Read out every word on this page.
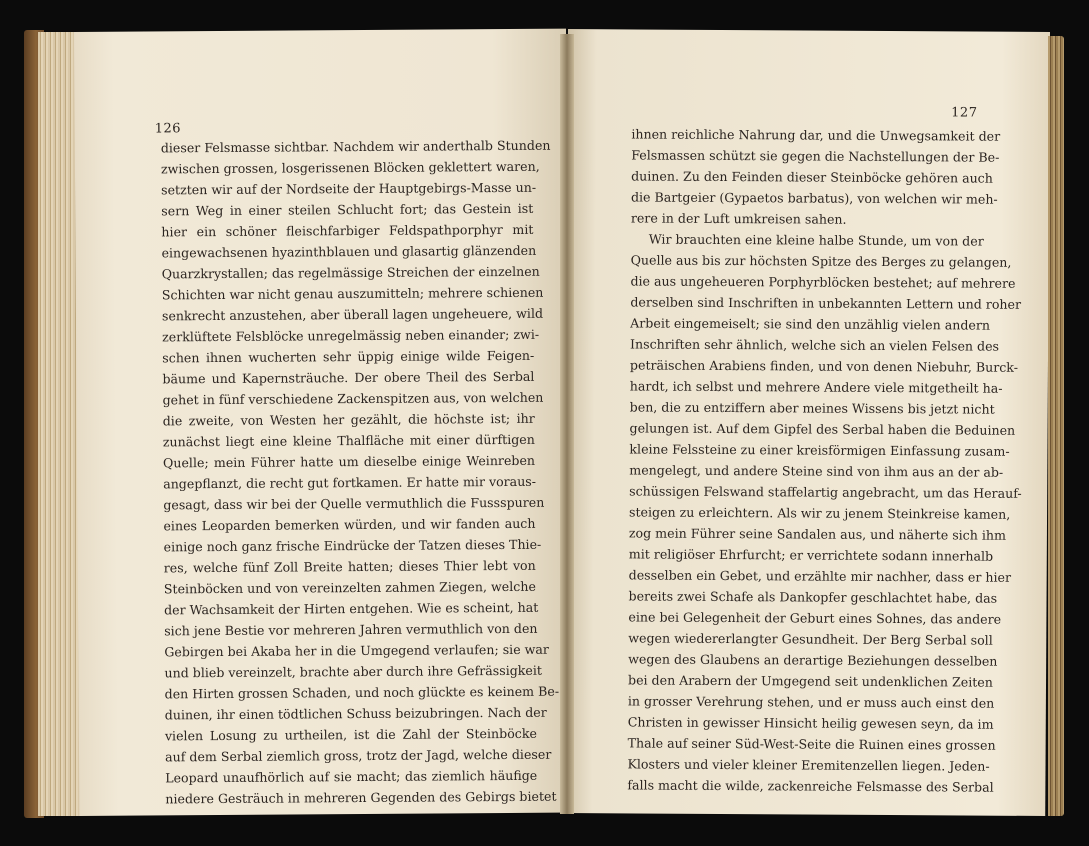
126
dieser Felsmasse sichtbar. Nachdem wir anderthalb Stunden
zwischen grossen, losgerissenen Blöcken geklettert waren,
setzten wir auf der Nordseite der Hauptgebirgs-Masse un-
sern Weg in einer steilen Schlucht fort; das Gestein ist
hier ein schöner fleischfarbiger Feldspathporphyr mit
eingewachsenen hyazinthblauen und glasartig glänzenden
Quarzkrystallen; das regelmässige Streichen der einzelnen
Schichten war nicht genau auszumitteln; mehrere schienen
senkrecht anzustehen, aber überall lagen ungeheuere, wild
zerklüftete Felsblöcke unregelmässig neben einander; zwi-
schen ihnen wucherten sehr üppig einige wilde Feigen-
bäume und Kapernsträuche. Der obere Theil des Serbal
gehet in fünf verschiedene Zackenspitzen aus, von welchen
die zweite, von Westen her gezählt, die höchste ist; ihr
zunächst liegt eine kleine Thalfläche mit einer dürftigen
Quelle; mein Führer hatte um dieselbe einige Weinreben
angepflanzt, die recht gut fortkamen. Er hatte mir voraus-
gesagt, dass wir bei der Quelle vermuthlich die Fussspuren
eines Leoparden bemerken würden, und wir fanden auch
einige noch ganz frische Eindrücke der Tatzen dieses Thie-
res, welche fünf Zoll Breite hatten; dieses Thier lebt von
Steinböcken und von vereinzelten zahmen Ziegen, welche
der Wachsamkeit der Hirten entgehen. Wie es scheint, hat
sich jene Bestie vor mehreren Jahren vermuthlich von den
Gebirgen bei Akaba her in die Umgegend verlaufen; sie war
und blieb vereinzelt, brachte aber durch ihre Gefrässigkeit
den Hirten grossen Schaden, und noch glückte es keinem Be-
duinen, ihr einen tödtlichen Schuss beizubringen. Nach der
vielen Losung zu urtheilen, ist die Zahl der Steinböcke
auf dem Serbal ziemlich gross, trotz der Jagd, welche dieser
Leopard unaufhörlich auf sie macht; das ziemlich häufige
niedere Gesträuch in mehreren Gegenden des Gebirgs bietet
127
ihnen reichliche Nahrung dar, und die Unwegsamkeit der
Felsmassen schützt sie gegen die Nachstellungen der Be-
duinen. Zu den Feinden dieser Steinböcke gehören auch
die Bartgeier (Gypaetos barbatus), von welchen wir meh-
rere in der Luft umkreisen sahen.
Wir brauchten eine kleine halbe Stunde, um von der
Quelle aus bis zur höchsten Spitze des Berges zu gelangen,
die aus ungeheueren Porphyrblöcken bestehet; auf mehrere
derselben sind Inschriften in unbekannten Lettern und roher
Arbeit eingemeiselt; sie sind den unzählig vielen andern
Inschriften sehr ähnlich, welche sich an vielen Felsen des
peträischen Arabiens finden, und von denen Niebuhr, Burck-
hardt, ich selbst und mehrere Andere viele mitgetheilt ha-
ben, die zu entziffern aber meines Wissens bis jetzt nicht
gelungen ist. Auf dem Gipfel des Serbal haben die Beduinen
kleine Felssteine zu einer kreisförmigen Einfassung zusam-
mengelegt, und andere Steine sind von ihm aus an der ab-
schüssigen Felswand staffelartig angebracht, um das Herauf-
steigen zu erleichtern. Als wir zu jenem Steinkreise kamen,
zog mein Führer seine Sandalen aus, und näherte sich ihm
mit religiöser Ehrfurcht; er verrichtete sodann innerhalb
desselben ein Gebet, und erzählte mir nachher, dass er hier
bereits zwei Schafe als Dankopfer geschlachtet habe, das
eine bei Gelegenheit der Geburt eines Sohnes, das andere
wegen wiedererlangter Gesundheit. Der Berg Serbal soll
wegen des Glaubens an derartige Beziehungen desselben
bei den Arabern der Umgegend seit undenklichen Zeiten
in grosser Verehrung stehen, und er muss auch einst den
Christen in gewisser Hinsicht heilig gewesen seyn, da im
Thale auf seiner Süd-West-Seite die Ruinen eines grossen
Klosters und vieler kleiner Eremitenzellen liegen. Jeden-
falls macht die wilde, zackenreiche Felsmasse des Serbal
